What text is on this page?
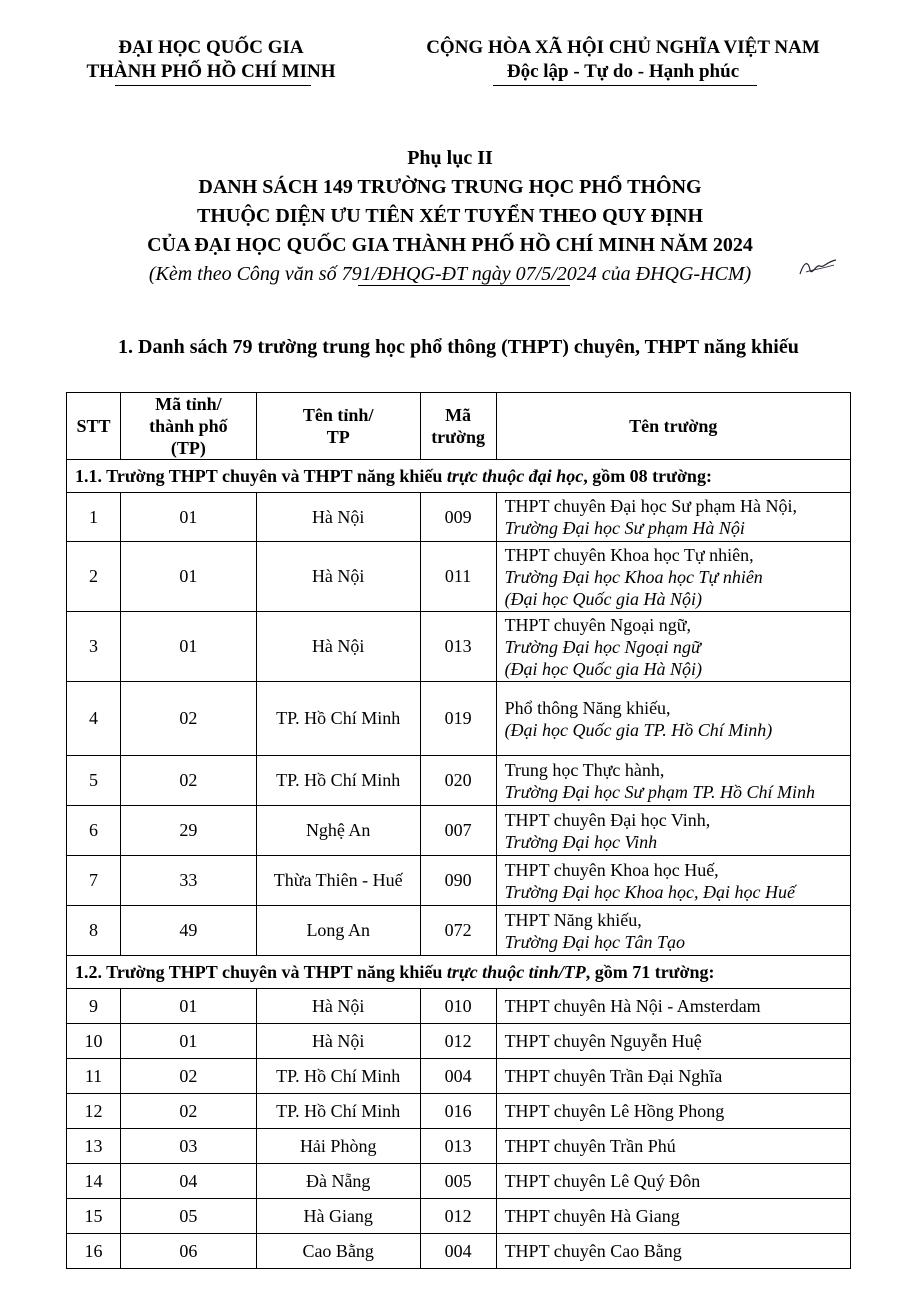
ĐẠI HỌC QUỐC GIA
THÀNH PHỐ HỒ CHÍ MINH
CỘNG HÒA XÃ HỘI CHỦ NGHĨA VIỆT NAM
Độc lập - Tự do - Hạnh phúc
Phụ lục II
DANH SÁCH 149 TRƯỜNG TRUNG HỌC PHỔ THÔNG
THUỘC DIỆN ƯU TIÊN XÉT TUYỂN THEO QUY ĐỊNH
CỦA ĐẠI HỌC QUỐC GIA THÀNH PHỐ HỒ CHÍ MINH NĂM 2024
(Kèm theo Công văn số 791/ĐHQG-ĐT ngày 07/5/2024 của ĐHQG-HCM)
1. Danh sách 79 trường trung học phổ thông (THPT) chuyên, THPT năng khiếu
STT	Mã tỉnh/
thành phố
(TP)	Tên tỉnh/
TP	Mã
trường	Tên trường
1.1. Trường THPT chuyên và THPT năng khiếu trực thuộc đại học, gồm 08 trường:				
1	01	Hà Nội	009	THPT chuyên Đại học Sư phạm Hà Nội,
Trường Đại học Sư phạm Hà Nội

2	01	Hà Nội	011	THPT chuyên Khoa học Tự nhiên,
Trường Đại học Khoa học Tự nhiên
(Đại học Quốc gia Hà Nội)

3	01	Hà Nội	013	THPT chuyên Ngoại ngữ,
Trường Đại học Ngoại ngữ
(Đại học Quốc gia Hà Nội)

4	02	TP. Hồ Chí Minh	019	Phổ thông Năng khiếu,
(Đại học Quốc gia TP. Hồ Chí Minh)

5	02	TP. Hồ Chí Minh	020	Trung học Thực hành,
Trường Đại học Sư phạm TP. Hồ Chí Minh

6	29	Nghệ An	007	THPT chuyên Đại học Vinh,
Trường Đại học Vinh

7	33	Thừa Thiên - Huế	090	THPT chuyên Khoa học Huế,
Trường Đại học Khoa học, Đại học Huế

8	49	Long An	072	THPT Năng khiếu,
Trường Đại học Tân Tạo

1.2. Trường THPT chuyên và THPT năng khiếu trực thuộc tỉnh/TP, gồm 71 trường:				
9	01	Hà Nội	010	THPT chuyên Hà Nội - Amsterdam
10	01	Hà Nội	012	THPT chuyên Nguyễn Huệ
11	02	TP. Hồ Chí Minh	004	THPT chuyên Trần Đại Nghĩa
12	02	TP. Hồ Chí Minh	016	THPT chuyên Lê Hồng Phong
13	03	Hải Phòng	013	THPT chuyên Trần Phú
14	04	Đà Nẵng	005	THPT chuyên Lê Quý Đôn
15	05	Hà Giang	012	THPT chuyên Hà Giang
16	06	Cao Bằng	004	THPT chuyên Cao Bằng
